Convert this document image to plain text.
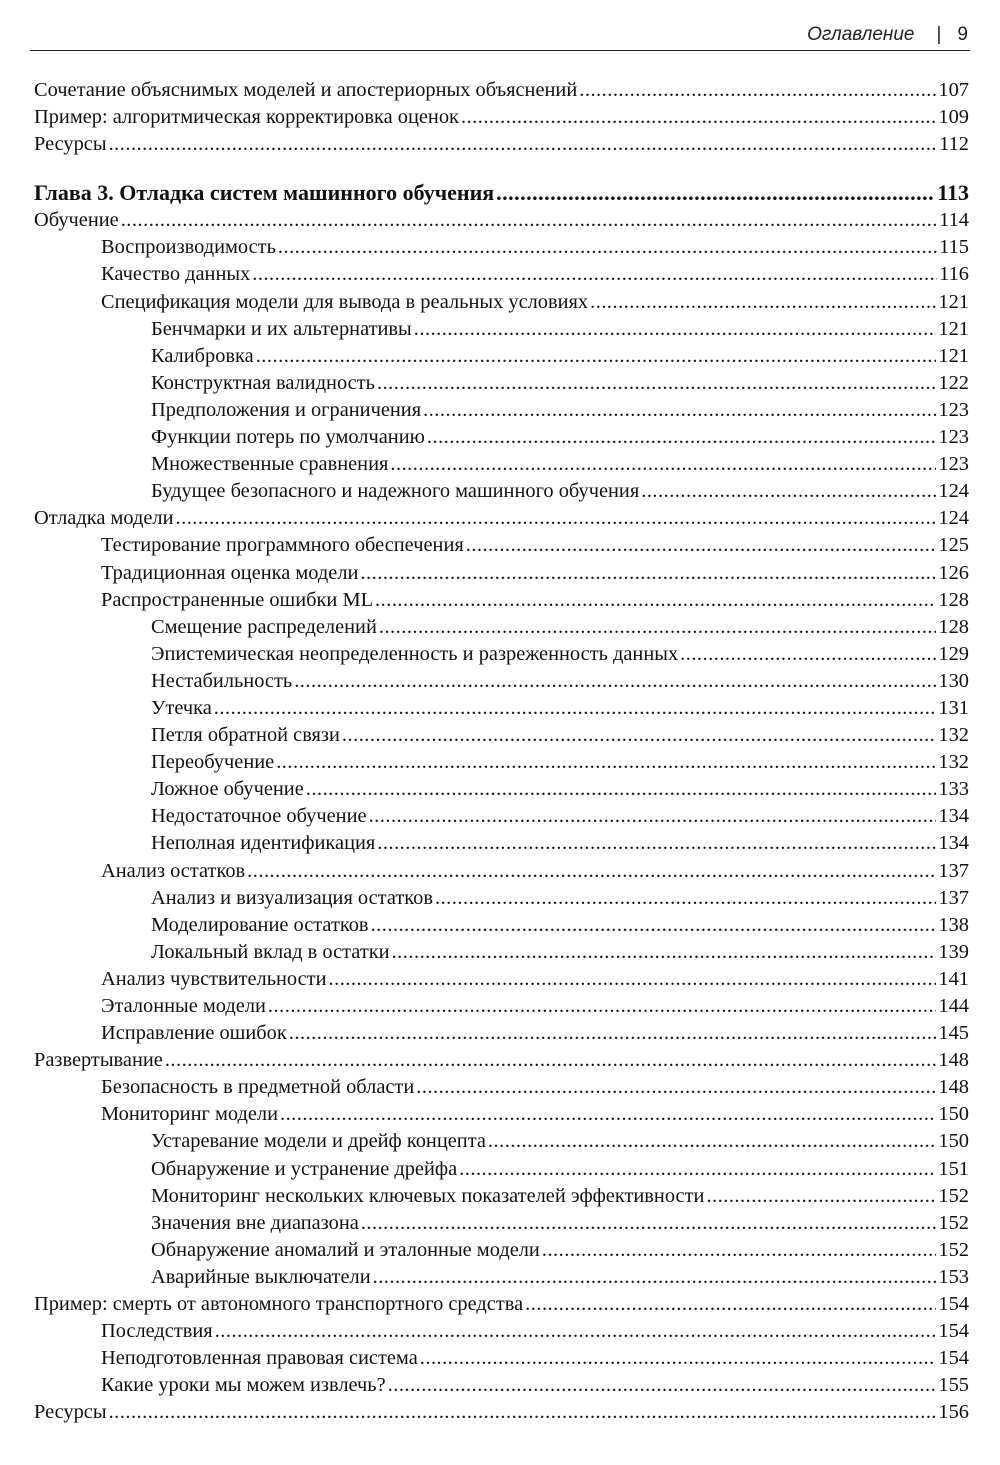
Оглавление | 9
Сочетание объяснимых моделей и апостериорных объяснений .....	107
Пример: алгоритмическая корректировка оценок .....	109
Ресурсы .....	112
Глава 3. Отладка систем машинного обучения .....	113
Обучение .....	114
Воспроизводимость .....	115
Качество данных .....	116
Спецификация модели для вывода в реальных условиях .....	121
Бенчмарки и их альтернативы .....	121
Калибровка .....	121
Конструктная валидность .....	122
Предположения и ограничения .....	123
Функции потерь по умолчанию .....	123
Множественные сравнения .....	123
Будущее безопасного и надежного машинного обучения .....	124
Отладка модели .....	124
Тестирование программного обеспечения .....	125
Традиционная оценка модели .....	126
Распространенные ошибки ML .....	128
Смещение распределений .....	128
Эпистемическая неопределенность и разреженность данных .....	129
Нестабильность .....	130
Утечка .....	131
Петля обратной связи .....	132
Переобучение .....	132
Ложное обучение .....	133
Недостаточное обучение .....	134
Неполная идентификация .....	134
Анализ остатков .....	137
Анализ и визуализация остатков .....	137
Моделирование остатков .....	138
Локальный вклад в остатки .....	139
Анализ чувствительности .....	141
Эталонные модели .....	144
Исправление ошибок .....	145
Развертывание .....	148
Безопасность в предметной области .....	148
Мониторинг модели .....	150
Устаревание модели и дрейф концепта .....	150
Обнаружение и устранение дрейфа .....	151
Мониторинг нескольких ключевых показателей эффективности .....	152
Значения вне диапазона .....	152
Обнаружение аномалий и эталонные модели .....	152
Аварийные выключатели .....	153
Пример: смерть от автономного транспортного средства .....	154
Последствия .....	154
Неподготовленная правовая система .....	154
Какие уроки мы можем извлечь? .....	155
Ресурсы .....	156
